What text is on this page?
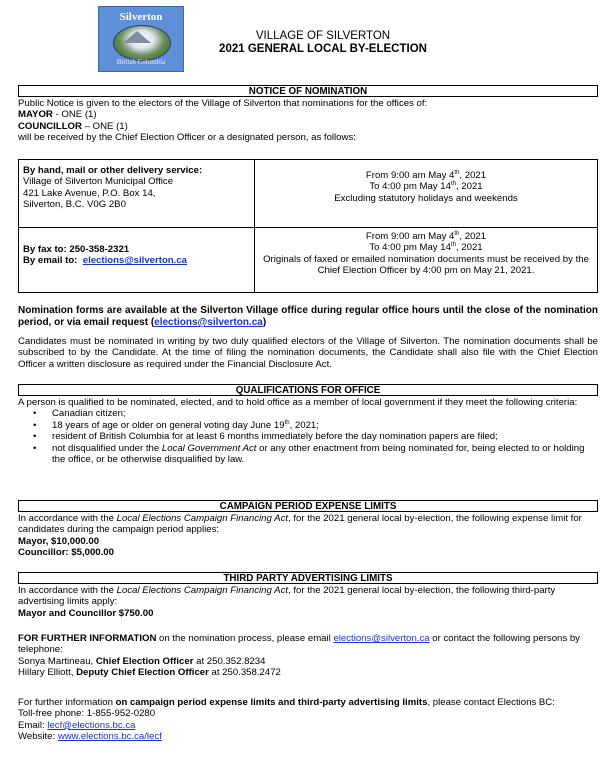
Silverton
British Columbia
VILLAGE OF SILVERTON
2021 GENERAL LOCAL BY-ELECTION
NOTICE OF NOMINATION

Public Notice is given to the electors of the Village of Silverton that nominations for the offices of:

MAYOR - ONE (1)

COUNCILLOR – ONE (1)

will be received by the Chief Election Officer or a designated person, as follows:

By hand, mail or other delivery service:
Village of Silverton Municipal Office
421 Lake Avenue, P.O. Box 14,
Silverton, B.C. V0G 2B0
From 9:00 am May 4th, 2021
To 4:00 pm May 14th, 2021
Excluding statutory holidays and weekends
By fax to: 250-358-2321
By email to: elections@silverton.ca
From 9:00 am May 4th, 2021
To 4:00 pm May 14th, 2021
Originals of faxed or emailed nomination documents must be received by the Chief Election Officer by 4:00 pm on May 21, 2021.
Nomination forms are available at the Silverton Village office during regular office hours until the close of the nomination period, or via email request (elections@silverton.ca)
Candidates must be nominated in writing by two duly qualified electors of the Village of Silverton. The nomination documents shall be subscribed to by the Candidate. At the time of filing the nomination documents, the Candidate shall also file with the Chief Election Officer a written disclosure as required under the Financial Disclosure Act.
QUALIFICATIONS FOR OFFICE

A person is qualified to be nominated, elected, and to hold office as a member of local government if they meet the following criteria:

• Canadian citizen;
• 18 years of age or older on general voting day June 19th, 2021;
• resident of British Columbia for at least 6 months immediately before the day nomination papers are filed;
• not disqualified under the Local Government Act or any other enactment from being nominated for, being elected to or holding the office, or be otherwise disqualified by law.
CAMPAIGN PERIOD EXPENSE LIMITS

In accordance with the Local Elections Campaign Financing Act, for the 2021 general local by-election, the following expense limit for candidates during the campaign period applies:

Mayor, $10,000.00

Councillor: $5,000.00

THIRD PARTY ADVERTISING LIMITS

In accordance with the Local Elections Campaign Financing Act, for the 2021 general local by-election, the following third-party advertising limits apply:

Mayor and Councillor $750.00

FOR FURTHER INFORMATION on the nomination process, please email elections@silverton.ca or contact the following persons by telephone:

Sonya Martineau, Chief Election Officer at 250.352.8234

Hillary Elliott, Deputy Chief Election Officer at 250.358.2472

For further information on campaign period expense limits and third-party advertising limits, please contact Elections BC:

Toll-free phone: 1-855-952-0280

Email: lecf@elections.bc.ca

Website: www.elections.bc.ca/lecf
